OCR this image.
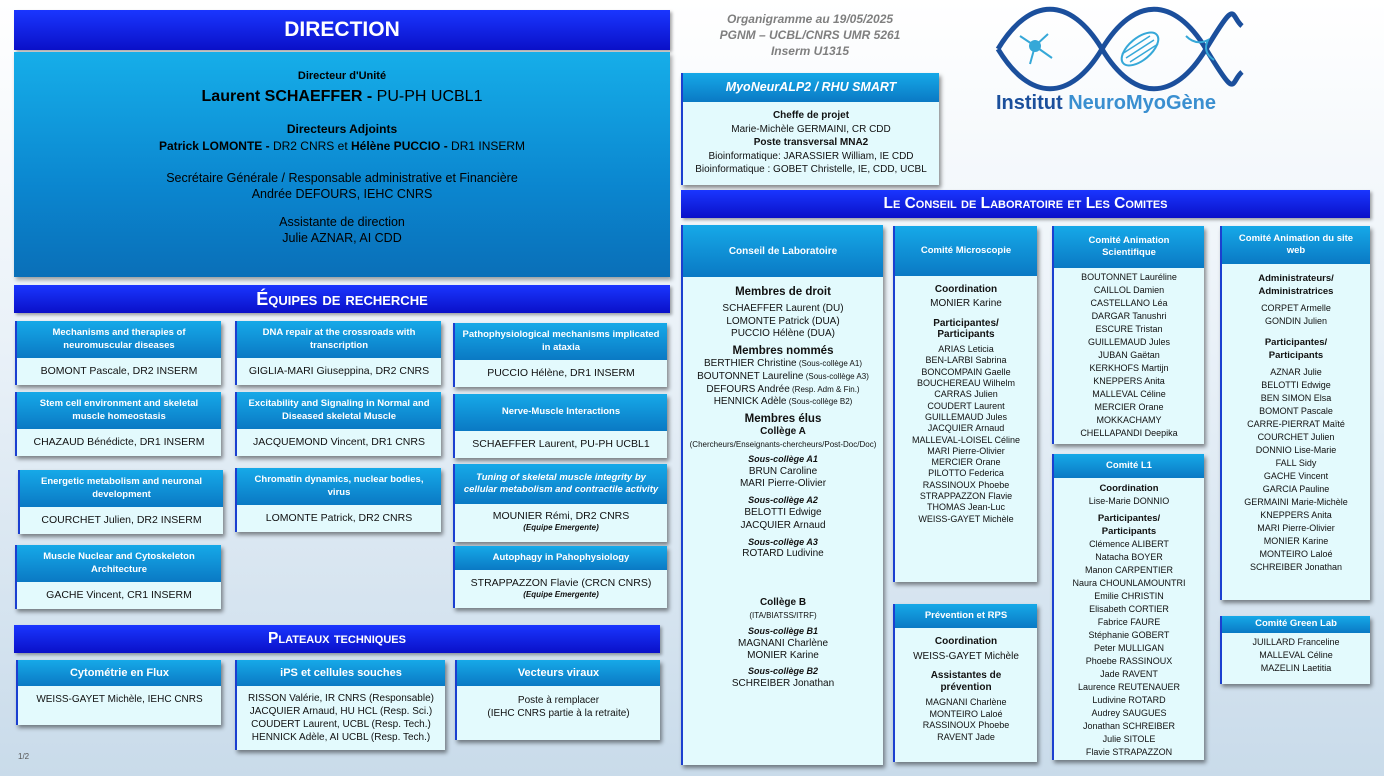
Organigramme au 19/05/2025
PGNM – UCBL/CNRS UMR 5261
Inserm U1315
Institut NeuroMyoGène
DIRECTION
Directeur d'Unité
Laurent SCHAEFFER - PU-PH UCBL1
Directeurs Adjoints
Patrick LOMONTE - DR2 CNRS et Hélène PUCCIO - DR1 INSERM
Secrétaire Générale / Responsable administrative et Financière
Andrée DEFOURS, IEHC CNRS
Assistante de direction
Julie AZNAR, AI CDD
MyoNeurALP2 / RHU SMART
Cheffe de projet
Marie-Michèle GERMAINI, CR CDD
Poste transversal MNA2
Bioinformatique: JARASSIER William, IE CDD
Bioinformatique : GOBET Christelle, IE, CDD, UCBL
Le Conseil de Laboratoire et Les Comites
Équipes de recherche
Mechanisms and therapies of neuromuscular diseases
BOMONT Pascale, DR2 INSERM
Stem cell environment and skeletal muscle homeostasis
CHAZAUD Bénédicte, DR1 INSERM
Energetic metabolism and neuronal development
COURCHET Julien, DR2 INSERM
Muscle Nuclear and Cytoskeleton Architecture
GACHE Vincent, CR1 INSERM
DNA repair at the crossroads with transcription
GIGLIA-MARI Giuseppina, DR2 CNRS
Excitability and Signaling in Normal and Diseased skeletal Muscle
JACQUEMOND Vincent, DR1 CNRS
Chromatin dynamics, nuclear bodies, virus
LOMONTE Patrick, DR2 CNRS
Pathophysiological mechanisms implicated in ataxia
PUCCIO Hélène, DR1 INSERM
Nerve-Muscle Interactions
SCHAEFFER Laurent, PU-PH UCBL1
Tuning of skeletal muscle integrity by cellular metabolism and contractile activity
MOUNIER Rémi, DR2 CNRS
(Equipe Emergente)
Autophagy in Pahophysiology
STRAPPAZZON Flavie (CRCN CNRS)
(Equipe Emergente)
Plateaux techniques
Cytométrie en Flux
WEISS-GAYET Michèle, IEHC CNRS
iPS et cellules souches
RISSON Valérie, IR CNRS (Responsable)
JACQUIER Arnaud, HU HCL (Resp. Sci.)
COUDERT Laurent, UCBL (Resp. Tech.)
HENNICK Adèle, AI UCBL (Resp. Tech.)
Vecteurs viraux
Poste à remplacer
(IEHC CNRS partie à la retraite)
Conseil de Laboratoire
Membres de droit
SCHAEFFER Laurent (DU)
LOMONTE Patrick (DUA)
PUCCIO Hélène (DUA)
Membres nommés
BERTHIER Christine (Sous-collège A1)
BOUTONNET Laureline (Sous-collège A3)
DEFOURS Andrée (Resp. Adm & Fin.)
HENNICK Adèle (Sous-collège B2)
Membres élus
Collège A
(Chercheurs/Enseignants-chercheurs/Post-Doc/Doc)
Sous-collège A1
BRUN Caroline
MARI Pierre-Olivier
Sous-collège A2
BELOTTI Edwige
JACQUIER Arnaud
Sous-collège A3
ROTARD Ludivine
Collège B
(ITA/BIATSS/ITRF)
Sous-collège B1
MAGNANI Charlène
MONIER Karine
Sous-collège B2
SCHREIBER Jonathan
Comité Microscopie
Coordination
MONIER Karine
Participantes/ Participants
ARIAS Leticia
BEN-LARBI Sabrina
BONCOMPAIN Gaelle
BOUCHEREAU Wilhelm
CARRAS Julien
COUDERT Laurent
GUILLEMAUD Jules
JACQUIER Arnaud
MALLEVAL-LOISEL Céline
MARI Pierre-Olivier
MERCIER Orane
PILOTTO Federica
RASSINOUX Phoebe
STRAPPAZZON Flavie
THOMAS Jean-Luc
WEISS-GAYET Michèle
Prévention et RPS
Coordination
WEISS-GAYET Michèle
Assistantes de prévention
MAGNANI Charlène
MONTEIRO Laloé
RASSINOUX Phoebe
RAVENT Jade
Comité Animation Scientifique
BOUTONNET Lauréline
CAILLOL Damien
CASTELLANO Léa
DARGAR Tanushri
ESCURE Tristan
GUILLEMAUD Jules
JUBAN Gaëtan
KERKHOFS Martijn
KNEPPERS Anita
MALLEVAL Céline
MERCIER Orane
MOKKACHAMY
CHELLAPANDI Deepika
Comité L1
Coordination
Lise-Marie DONNIO
Participantes/ Participants
Clémence ALIBERT
Natacha BOYER
Manon CARPENTIER
Naura CHOUNLAMOUNTRI
Emilie CHRISTIN
Elisabeth CORTIER
Fabrice FAURE
Stéphanie GOBERT
Peter MULLIGAN
Phoebe RASSINOUX
Jade RAVENT
Laurence REUTENAUER
Ludivine ROTARD
Audrey SAUGUES
Jonathan SCHREIBER
Julie SITOLE
Flavie STRAPAZZON
Comité Animation du site web
Administrateurs/ Administratrices
CORPET Armelle
GONDIN Julien
Participantes/ Participants
AZNAR Julie
BELOTTI Edwige
BEN SIMON Elsa
BOMONT Pascale
CARRE-PIERRAT Maïté
COURCHET Julien
DONNIO Lise-Marie
FALL Sidy
GACHE Vincent
GARCIA Pauline
GERMAINI Marie-Michèle
KNEPPERS Anita
MARI Pierre-Olivier
MONIER Karine
MONTEIRO Laloé
SCHREIBER Jonathan
Comité Green Lab
JUILLARD Franceline
MALLEVAL Céline
MAZELIN Laetitia
1/2
